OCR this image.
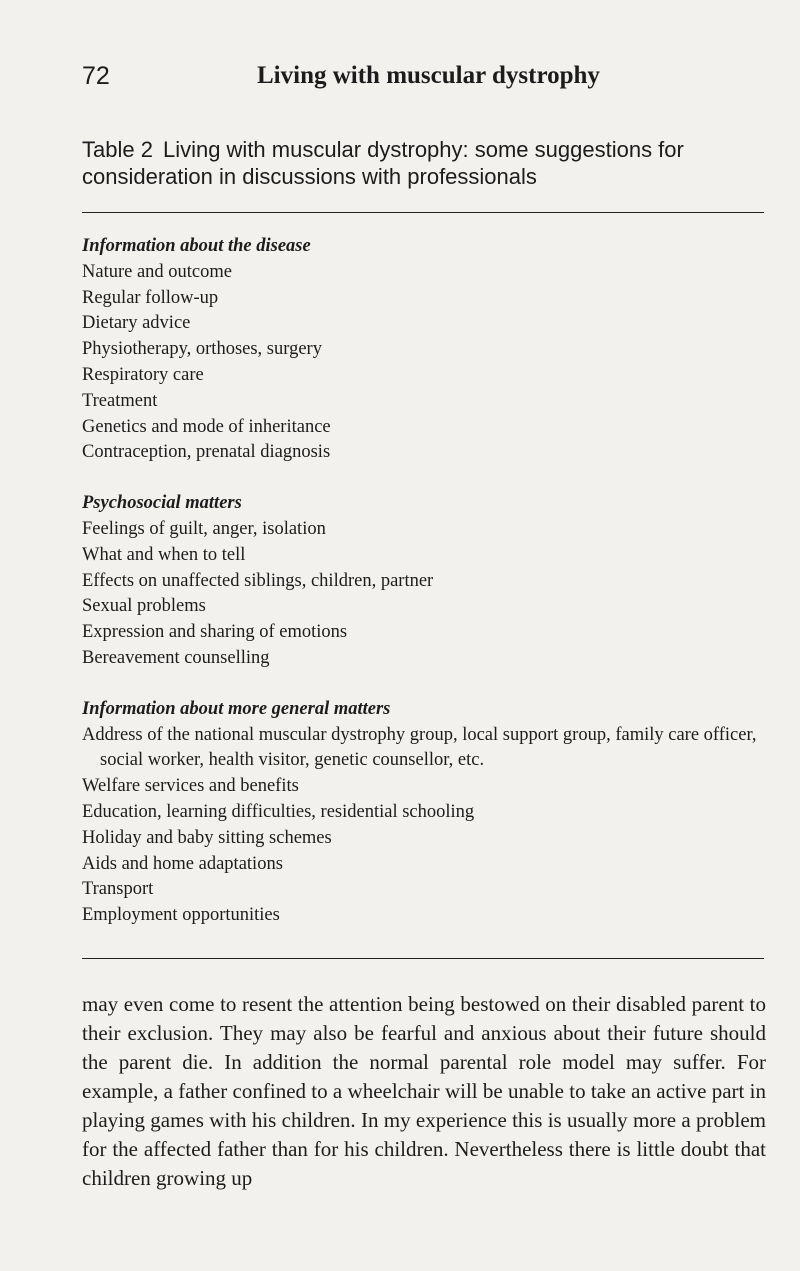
72	Living with muscular dystrophy
Table 2 Living with muscular dystrophy: some suggestions for consideration in discussions with professionals
Information about the disease
Nature and outcome
Regular follow-up
Dietary advice
Physiotherapy, orthoses, surgery
Respiratory care
Treatment
Genetics and mode of inheritance
Contraception, prenatal diagnosis
Psychosocial matters
Feelings of guilt, anger, isolation
What and when to tell
Effects on unaffected siblings, children, partner
Sexual problems
Expression and sharing of emotions
Bereavement counselling
Information about more general matters
Address of the national muscular dystrophy group, local support group, family care officer, social worker, health visitor, genetic counsellor, etc.
Welfare services and benefits
Education, learning difficulties, residential schooling
Holiday and baby sitting schemes
Aids and home adaptations
Transport
Employment opportunities

may even come to resent the attention being bestowed on their disabled parent to their exclusion. They may also be fearful and anxious about their future should the parent die. In addition the normal parental role model may suffer. For example, a father confined to a wheelchair will be unable to take an active part in playing games with his children. In my experience this is usually more a problem for the affected father than for his children. Nevertheless there is little doubt that children growing up
